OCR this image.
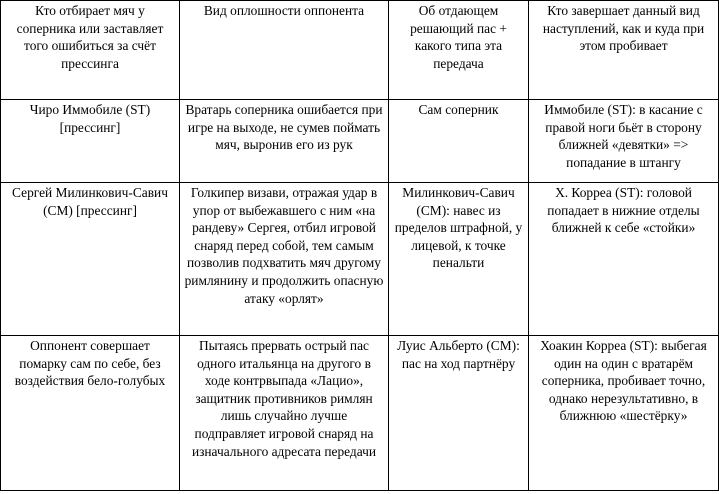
Кто отбирает мяч у соперника или заставляет того ошибиться за счёт прессинга	Вид оплошности оппонента	Об отдающем решающий пас + какого типа эта передача	Кто завершает данный вид наступлений, как и куда при этом пробивает
Чиро Иммобиле (ST) [прессинг]	Вратарь соперника ошибается при игре на выходе, не сумев поймать мяч, выронив его из рук	Сам соперник	Иммобиле (ST): в касание с правой ноги бьёт в сторону ближней «девятки» => попадание в штангу
Сергей Милинкович-Савич (CM) [прессинг]	Голкипер визави, отражая удар в упор от выбежавшего с ним «на рандеву» Сергея, отбил игровой снаряд перед собой, тем самым позволив подхватить мяч другому римлянину и продолжить опасную атаку «орлят»	Милинкович-Савич (CM): навес из пределов штрафной, у лицевой, к точке пенальти	Х. Корреа (ST): головой попадает в нижние отделы ближней к себе «стойки»
Оппонент совершает помарку сам по себе, без воздействия бело-голубых	Пытаясь прервать острый пас одного итальянца на другого в ходе контрвыпада «Лацио», защитник противников римлян лишь случайно лучше подправляет игровой снаряд на изначального адресата передачи	Луис Альберто (CM): пас на ход партнёру	Хоакин Корреа (ST): выбегая один на один с вратарём соперника, пробивает точно, однако нерезультативно, в ближнюю «шестёрку»
